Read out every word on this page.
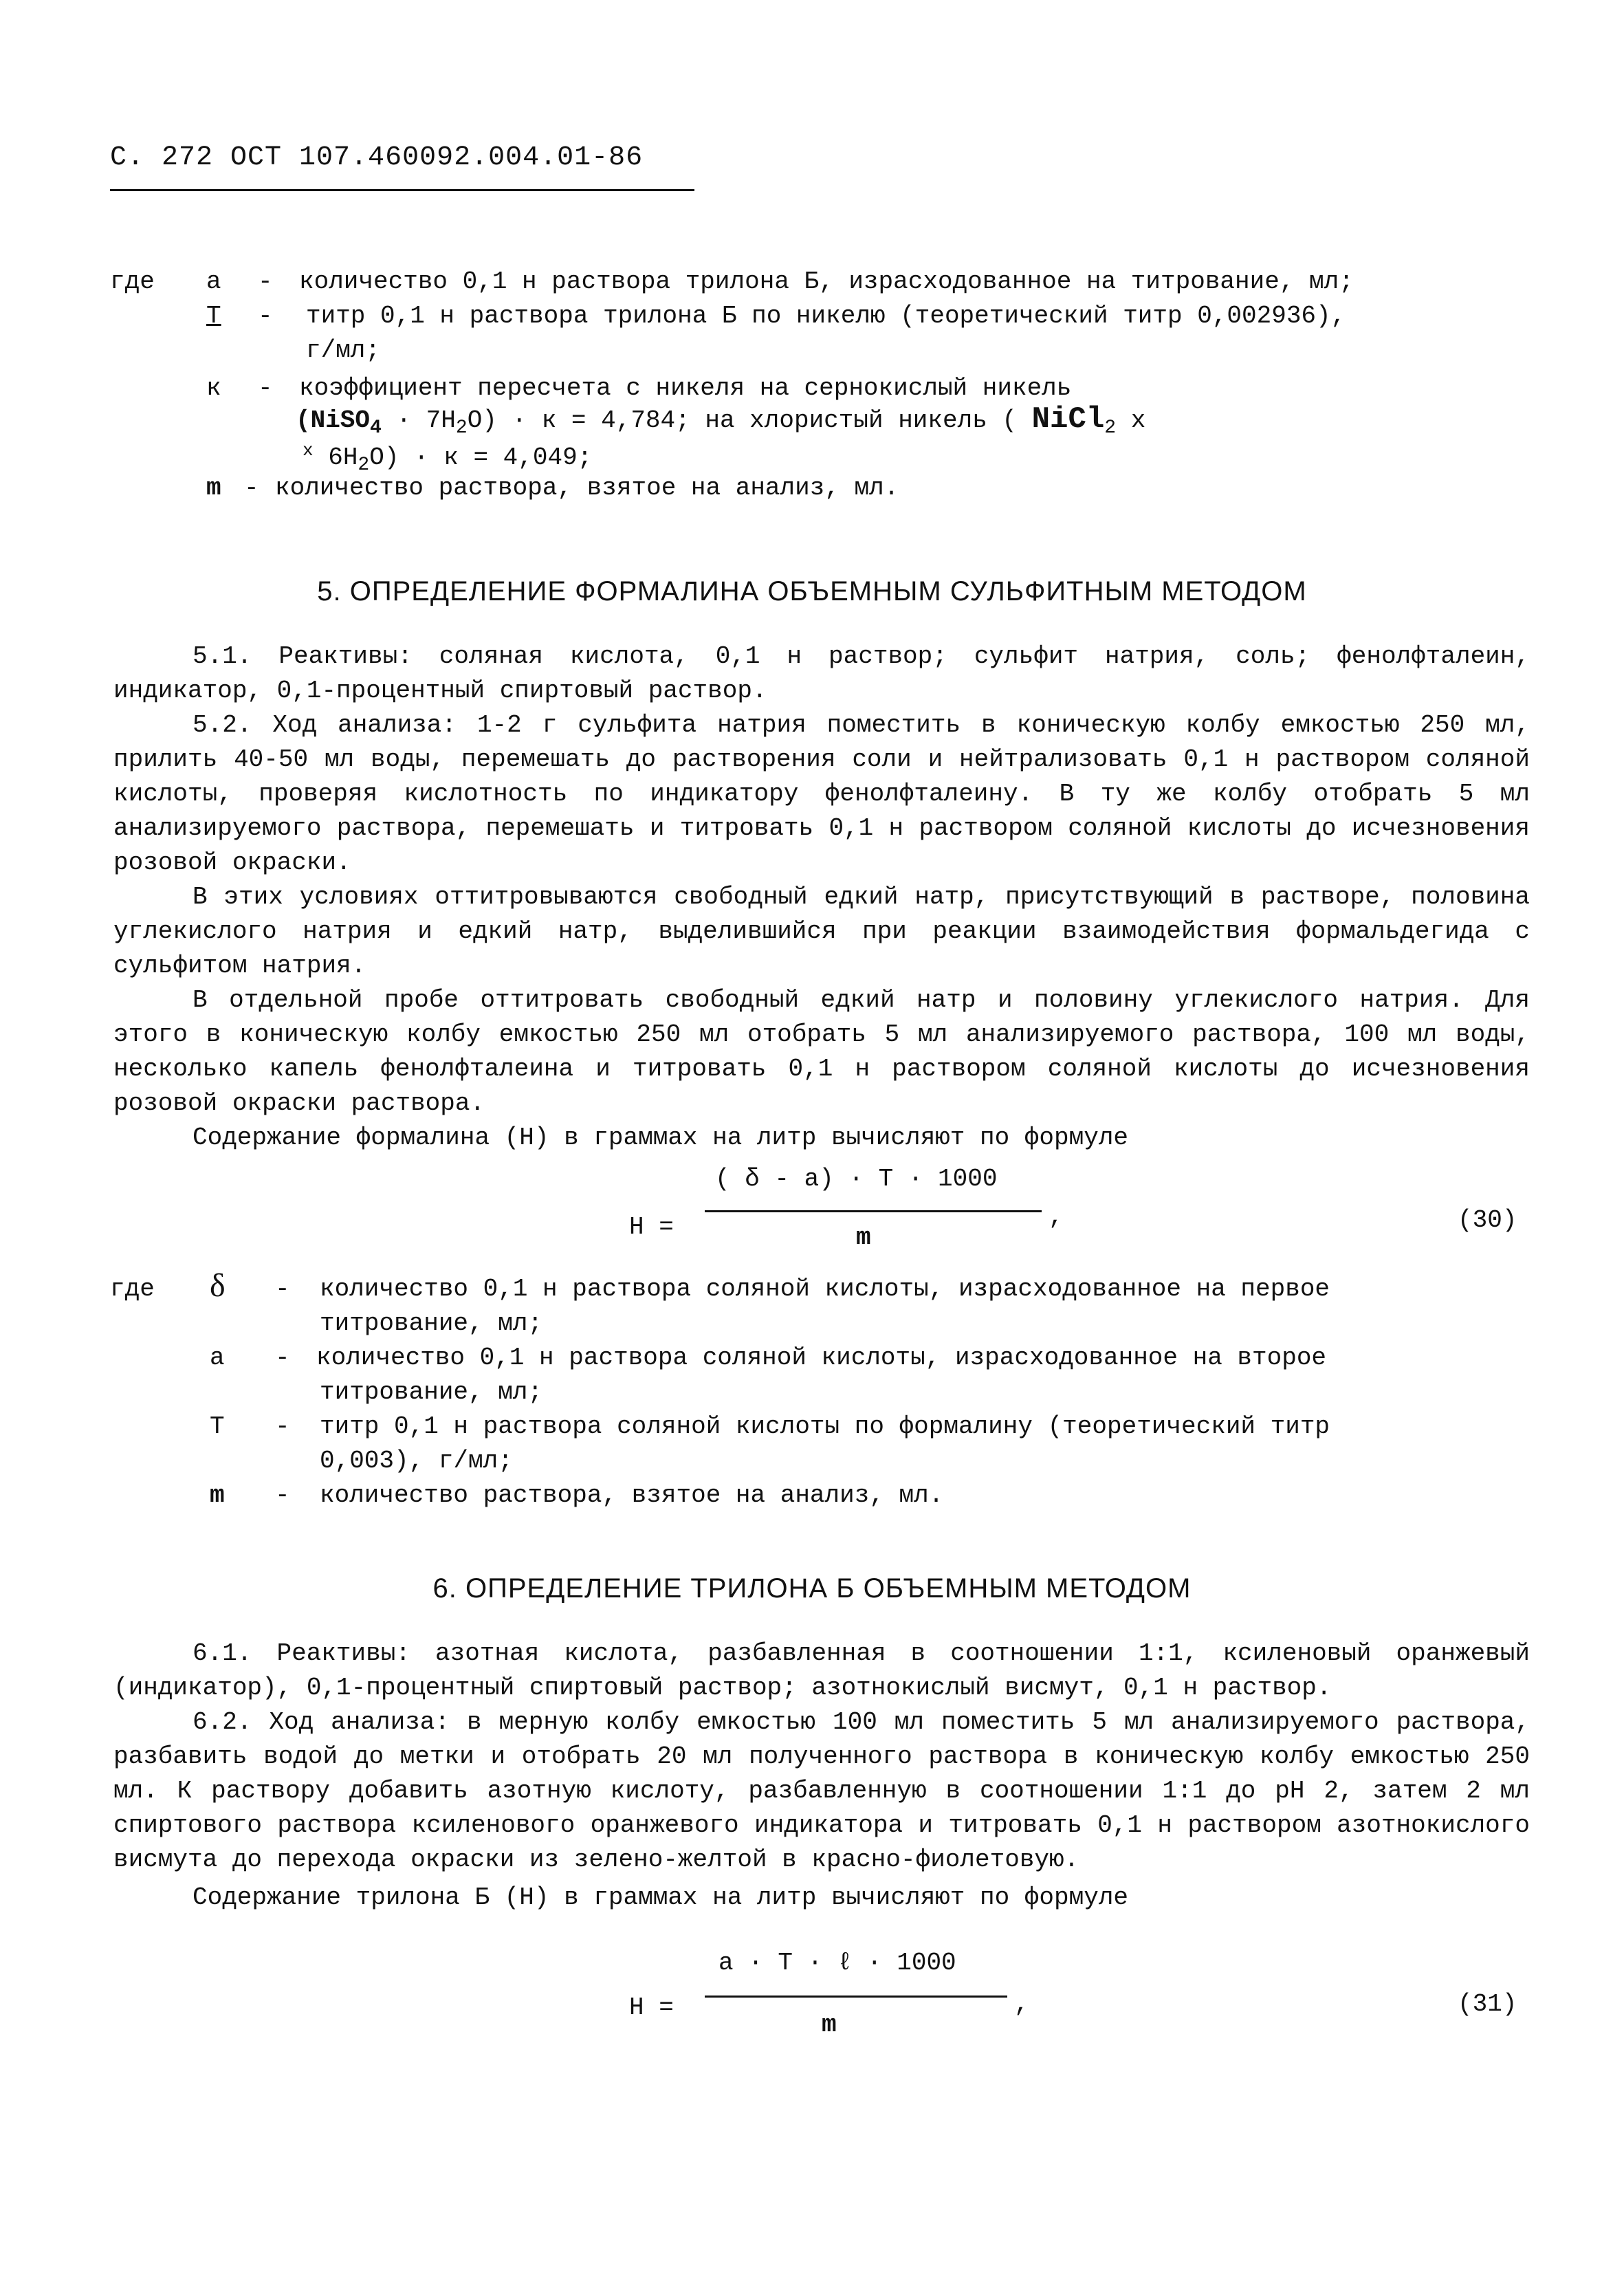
С. 272 ОСТ 107.460092.004.01-86
где a - количество 0,1 н раствора трилона Б, израсходованное на титрование, мл;
T - титр 0,1 н раствора трилона Б по никелю (теоретический титр 0,002936),
г/мл;
к - коэффициент пересчета с никеля на сернокислый никель
(NiSO$_4$ · $7H_2O) \cdot к = 4,784$; на хлористый никель ( NiCl$_2$ x
$^x$ $6H_2O) \cdot к = 4,049$;
m - количество раствора, взятое на анализ, мл.
5. ОПРЕДЕЛЕНИЕ ФОРМАЛИНА ОБЪЕМНЫМ СУЛЬФИТНЫМ МЕТОДОМ
5.1. Реактивы: соляная кислота, 0,1 н раствор; сульфит натрия, соль; фенолфталеин, индикатор, 0,1-процентный спиртовый раствор.
5.2. Ход анализа: 1-2 г сульфита натрия поместить в коническую колбу емкостью 250 мл, прилить 40-50 мл воды, перемешать до растворения соли и нейтрализовать 0,1 н раствором соляной кислоты, проверяя кислотность по индикатору фенолфталеину. В ту же колбу отобрать 5 мл анализируемого раствора, перемешать и титровать 0,1 н раствором соляной кислоты до исчезновения розовой окраски.
В этих условиях оттитровываются свободный едкий натр, присутствующий в растворе, половина углекислого натрия и едкий натр, выделившийся при реакции взаимодействия формальдегида с сульфитом натрия.
В отдельной пробе оттитровать свободный едкий натр и половину углекислого натрия. Для этого в коническую колбу емкостью 250 мл отобрать 5 мл анализируемого раствора, 100 мл воды, несколько капель фенолфталеина и титровать 0,1 н раствором соляной кислоты до исчезновения розовой окраски раствора.
Содержание формалина (Н) в граммах на литр вычисляют по формуле
Н =
( δ - a) · T · 1000
m
,	(30)
где δ - количество 0,1 н раствора соляной кислоты, израсходованное на первое
титрование, мл;
a - количество 0,1 н раствора соляной кислоты, израсходованное на второе
титрование, мл;
T - титр 0,1 н раствора соляной кислоты по формалину (теоретический титр
0,003), г/мл;
m - количество раствора, взятое на анализ, мл.
6. ОПРЕДЕЛЕНИЕ ТРИЛОНА Б ОБЪЕМНЫМ МЕТОДОМ
6.1. Реактивы: азотная кислота, разбавленная в соотношении 1:1, ксиленовый оранжевый (индикатор), 0,1-процентный спиртовый раствор; азотнокислый висмут, 0,1 н раствор.
6.2. Ход анализа: в мерную колбу емкостью 100 мл поместить 5 мл анализируемого раствора, разбавить водой до метки и отобрать 20 мл полученного раствора в коническую колбу емкостью 250 мл. К раствору добавить азотную кислоту, разбавленную в соотношении 1:1 до рН 2, затем 2 мл спиртового раствора ксиленового оранжевого индикатора и титровать 0,1 н раствором азотнокислого висмута до перехода окраски из зелено-желтой в красно-фиолетовую.
Содержание трилона Б (Н) в граммах на литр вычисляют по формуле
Н =
a · T · ℓ · 1000
m
,	(31)
